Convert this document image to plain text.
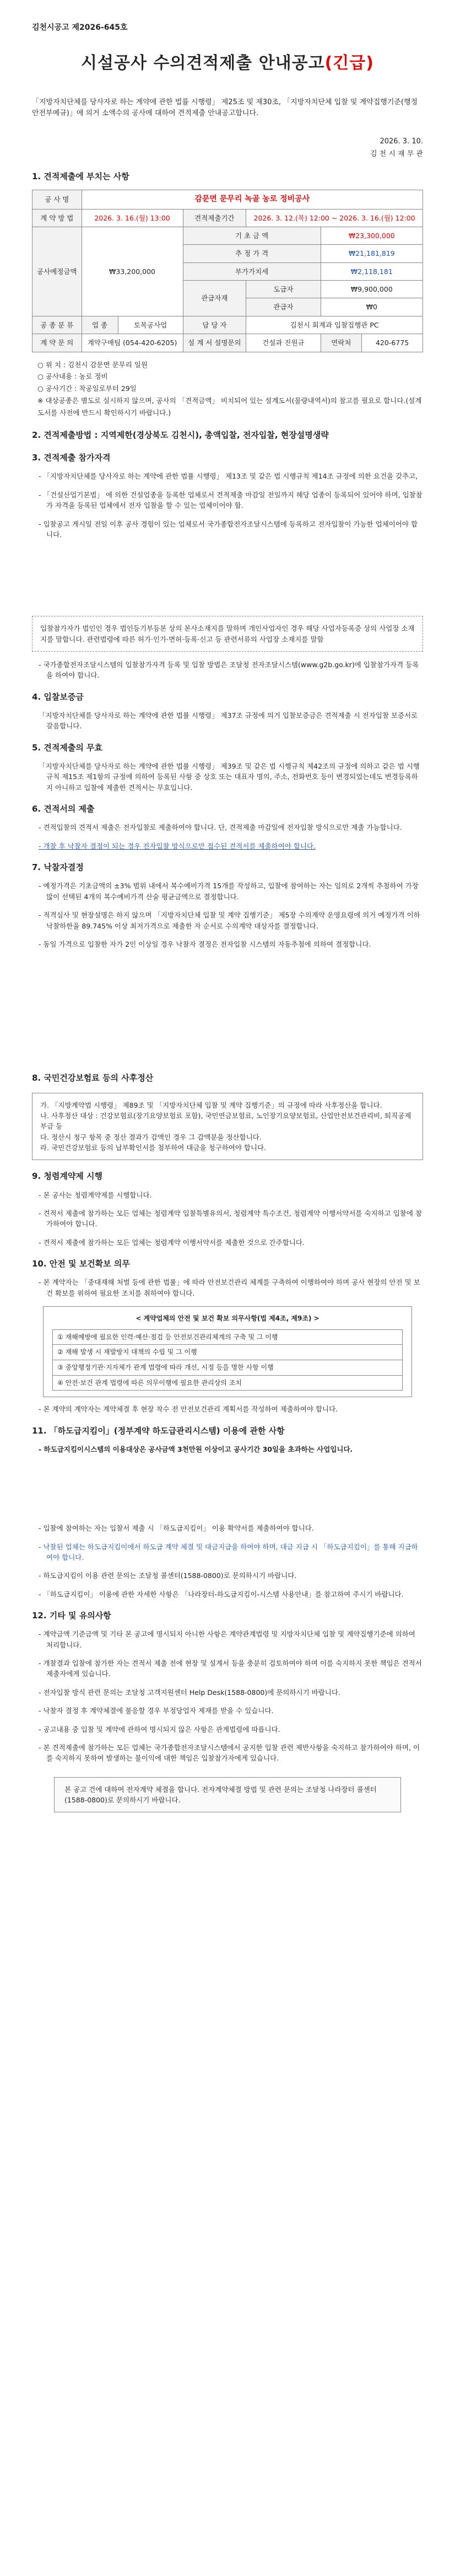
김천시공고 제2026-645호
시설공사 수의견적제출 안내공고(긴급)
「지방자치단체를 당사자로 하는 계약에 관한 법률 시행령」 제25조 및 제30조, 「지방자치단체 입찰 및 계약집행기준(행정안전부예규)」에 의거 소액수의 공사에 대하여 견적제출 안내공고합니다.
2026. 3. 10.
김 천 시 재 무 관
1. 견적제출에 부치는 사항
공 사 명	감문면 문무리 녹골 농로 정비공사					
계 약 방 법	2026. 3. 16.(월) 13:00		견적제출기간	2026. 3. 12.(목) 12:00 ~ 2026. 3. 16.(월) 12:00		
공사예정금액	₩33,200,000		기 초 금 액		₩23,300,000	
			추 정 가 격		₩21,181,819	
			부가가치세		₩2,118,181	
			관급자재	도급자	₩9,900,000	
				관급자	₩0	
공 종 분 류	업 종	토목공사업	담 당 자	김천시 회계과 입찰집행관 PC		
계 약 문 의	계약구매팀 (054-420-6205)		설 계 서 설명문의	건설과 진원규	연락처	420-6775
○ 위 치 : 김천시 감문면 문무리 일원
○ 공사내용 : 농로 정비
○ 공사기간 : 착공일로부터 29일
※ 대상공종은 별도로 실시하지 않으며, 공사의 「견적금액」 비치되어 있는 설계도서(물량내역서)의 참고를 필요로 합니다.(설계도서를 사전에 반드시 확인하시기 바랍니다.)
2. 견적제출방법 : 지역제한(경상북도 김천시), 총액입찰, 전자입찰, 현장설명생략
3. 견적제출 참가자격
- 「지방자치단체를 당사자로 하는 계약에 관한 법률 시행령」 제13조 및 같은 법 시행규칙 제14조 규정에 의한 요건을 갖추고,
- 「건설산업기본법」 에 의한 건설업종을 등록한 업체로서 견적제출 마감일 전일까지 해당 업종이 등록되어 있어야 하며, 입찰참가 자격을 등록된 업체에서 전자 입찰을 할 수 있는 업체이어야 함.
- 입찰공고 게시일 전일 이후 공사 경험이 있는 업체로서 국가종합전자조달시스템에 등록하고 전자입찰이 가능한 업체이어야 합니다.
입찰참가자가 법인인 경우 법인등기부등본 상의 본사소재지를 말하며 개인사업자인 경우 해당 사업자등록증 상의 사업장 소재지를 말합니다. 관련법령에 따른 허가·인가·면허·등록·신고 등 관련서류의 사업장 소재지를 말함
- 국가종합전자조달시스템의 입찰참가자격 등록 및 입찰 방법은 조달청 전자조달시스템(www.g2b.go.kr)에 입찰참가자격 등록을 하여야 합니다.
4. 입찰보증금
「지방자치단체를 당사자로 하는 계약에 관한 법률 시행령」 제37조 규정에 의거 입찰보증금은 견적제출 시 전자입찰 보증서로 갈음합니다.
5. 견적제출의 무효
「지방자치단체를 당사자로 하는 계약에 관한 법률 시행령」 제39조 및 같은 법 시행규칙 제42조의 규정에 의하고 같은 법 시행규칙 제15조 제1항의 규정에 의하여 등록된 사항 중 상호 또는 대표자 명의, 주소, 전화번호 등이 변경되었는데도 변경등록하지 아니하고 입찰에 제출한 견적서는 무효입니다.
6. 견적서의 제출
- 견적입찰의 견적서 제출은 전자입찰로 제출하여야 합니다. 단, 견적제출 마감일에 전자입찰 방식으로만 제출 가능합니다.
- 개찰 후 낙찰자 결정이 되는 경우 전자입찰 방식으로만 접수된 견적서를 제출하여야 합니다.
7. 낙찰자결정
- 예정가격은 기초금액의 ±3% 범위 내에서 복수예비가격 15개를 작성하고, 입찰에 참여하는 자는 임의로 2개씩 추첨하여 가장 많이 선택된 4개의 복수예비가격 산술 평균금액으로 결정합니다.
- 적격심사 및 현장설명은 하지 않으며 「지방자치단체 입찰 및 계약 집행기준」 제5장 수의계약 운영요령에 의거 예정가격 이하 낙찰하한율 89.745% 이상 최저가격으로 제출한 자 순서로 수의계약 대상자를 결정합니다.
- 동일 가격으로 입찰한 자가 2인 이상일 경우 낙찰자 결정은 전자입찰 시스템의 자동추첨에 의하여 결정합니다.
8. 국민건강보험료 등의 사후정산
가. 「지방계약법 시행령」 제89조 및 「지방자치단체 입찰 및 계약 집행기준」의 규정에 따라 사후정산을 합니다.
나. 사후정산 대상 : 건강보험료(장기요양보험료 포함), 국민연금보험료, 노인장기요양보험료, 산업안전보건관리비, 퇴직공제부금 등
다. 정산시 청구 항목 중 정산 결과가 감액인 경우 그 감액분을 정산합니다.
라. 국민건강보험료 등의 납부확인서를 첨부하여 대금을 청구하여야 합니다.
9. 청렴계약제 시행
- 본 공사는 청렴계약제를 시행합니다.
- 견적서 제출에 참가하는 모든 업체는 청렴계약 입찰특별유의서, 청렴계약 특수조건, 청렴계약 이행서약서를 숙지하고 입찰에 참가하여야 합니다.
- 견적서 제출에 참가하는 모든 업체는 청렴계약 이행서약서를 제출한 것으로 간주합니다.
10. 안전 및 보건확보 의무
- 본 계약자는 「중대재해 처벌 등에 관한 법률」에 따라 안전보건관리 체계를 구축하여 이행하여야 하며 공사 현장의 안전 및 보건 확보를 위하여 필요한 조치를 취하여야 합니다.
< 계약업체의 안전 및 보건 확보 의무사항(법 제4조, 제9조) >
① 재해예방에 필요한 인력·예산·점검 등 안전보건관리체계의 구축 및 그 이행
② 재해 발생 시 재발방지 대책의 수립 및 그 이행
③ 중앙행정기관·지자체가 관계 법령에 따라 개선, 시정 등을 명한 사항 이행
④ 안전·보건 관계 법령에 따른 의무이행에 필요한 관리상의 조치
- 본 계약의 계약자는 계약체결 후 현장 착수 전 안전보건관리 계획서를 작성하여 제출하여야 합니다.
11. 「하도급지킴이」(정부계약 하도급관리시스템) 이용에 관한 사항
- 하도급지킴이시스템의 이용대상은 공사금액 3천만원 이상이고 공사기간 30일을 초과하는 사업입니다.
- 입찰에 참여하는 자는 입찰서 제출 시 「하도급지킴이」 이용 확약서를 제출하여야 합니다.
- 낙찰된 업체는 하도급지킴이에서 하도급 계약 체결 및 대금지급을 하여야 하며, 대금 지급 시 「하도급지킴이」를 통해 지급하여야 합니다.
- 하도급지킴이 이용 관련 문의는 조달청 콜센터(1588-0800)로 문의하시기 바랍니다.
- 「하도급지킴이」 이용에 관한 자세한 사항은 「나라장터-하도급지킴이-시스템 사용안내」를 참고하여 주시기 바랍니다.
12. 기타 및 유의사항
- 계약금액 기준금액 및 기타 본 공고에 명시되지 아니한 사항은 계약관계법령 및 지방자치단체 입찰 및 계약집행기준에 의하여 처리합니다.
- 개찰결과 입찰에 참가한 자는 견적서 제출 전에 현장 및 설계서 등을 충분히 검토하여야 하며 이를 숙지하지 못한 책임은 견적서 제출자에게 있습니다.
- 전자입찰 방식 관련 문의는 조달청 고객지원센터 Help Desk(1588-0800)에 문의하시기 바랍니다.
- 낙찰자 결정 후 계약체결에 불응할 경우 부정당업자 제재를 받을 수 있습니다.
- 공고내용 중 입찰 및 계약에 관하여 명시되지 않은 사항은 관계법령에 따릅니다.
- 본 견적제출에 참가하는 모든 업체는 국가종합전자조달시스템에서 공지한 입찰 관련 제반사항을 숙지하고 참가하여야 하며, 이를 숙지하지 못하여 발생하는 불이익에 대한 책임은 입찰참가자에게 있습니다.
본 공고 건에 대하여 전자계약 체결을 합니다. 전자계약체결 방법 및 관련 문의는 조달청 나라장터 콜센터(1588-0800)로 문의하시기 바랍니다.
